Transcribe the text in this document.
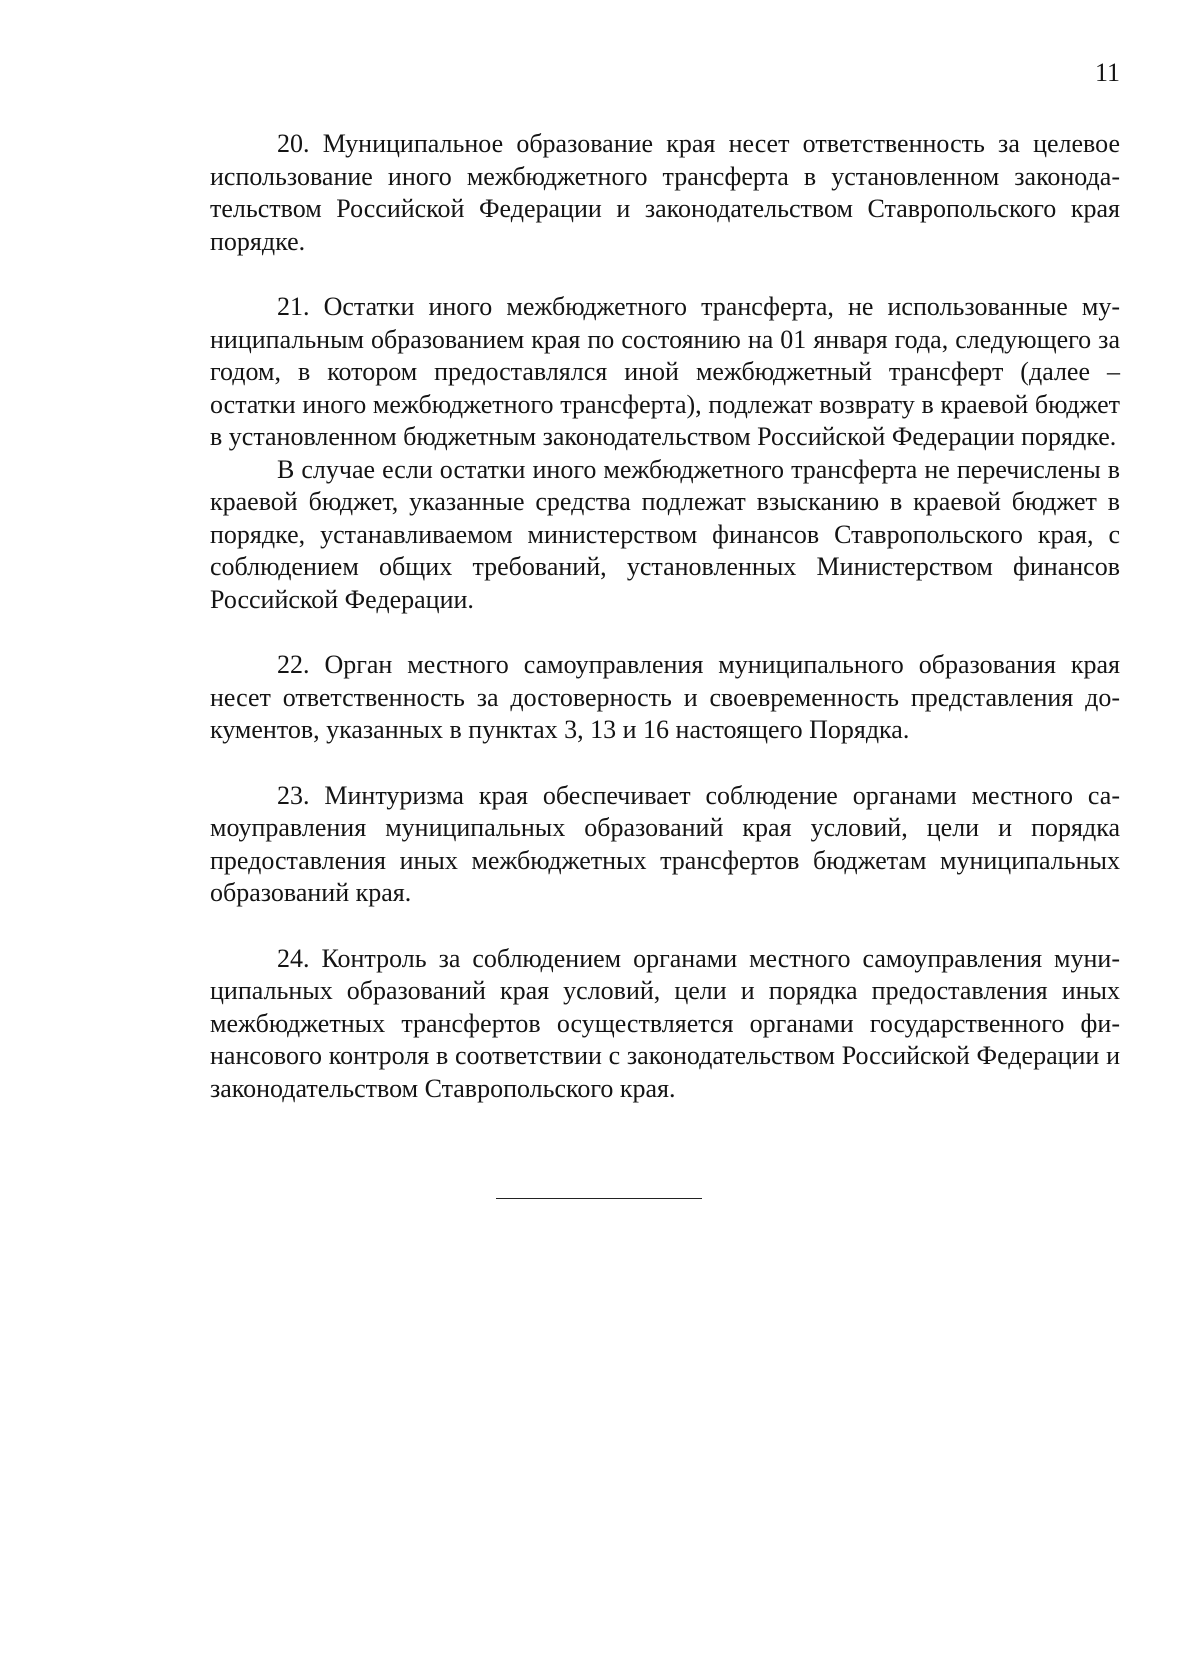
11

20. Муниципальное образование края несет ответственность за целевое использование иного межбюджетного трансферта в установленном законодательством Российской Федерации и законодательством Ставропольского края порядке.

21. Остатки иного межбюджетного трансферта, не использованные муниципальным образованием края по состоянию на 01 января года, следующего за годом, в котором предоставлялся иной межбюджетный трансферт (далее – остатки иного межбюджетного трансферта), подлежат возврату в краевой бюджет в установленном бюджетным законодательством Российской Федерации порядке.

В случае если остатки иного межбюджетного трансферта не перечислены в краевой бюджет, указанные средства подлежат взысканию в краевой бюджет в порядке, устанавливаемом министерством финансов Ставропольского края, с соблюдением общих требований, установленных Министерством финансов Российской Федерации.

22. Орган местного самоуправления муниципального образования края несет ответственность за достоверность и своевременность представления документов, указанных в пунктах 3, 13 и 16 настоящего Порядка.

23. Минтуризма края обеспечивает соблюдение органами местного самоуправления муниципальных образований края условий, цели и порядка предоставления иных межбюджетных трансфертов бюджетам муниципальных образований края.

24. Контроль за соблюдением органами местного самоуправления муниципальных образований края условий, цели и порядка предоставления иных межбюджетных трансфертов осуществляется органами государственного финансового контроля в соответствии с законодательством Российской Федерации и законодательством Ставропольского края.
